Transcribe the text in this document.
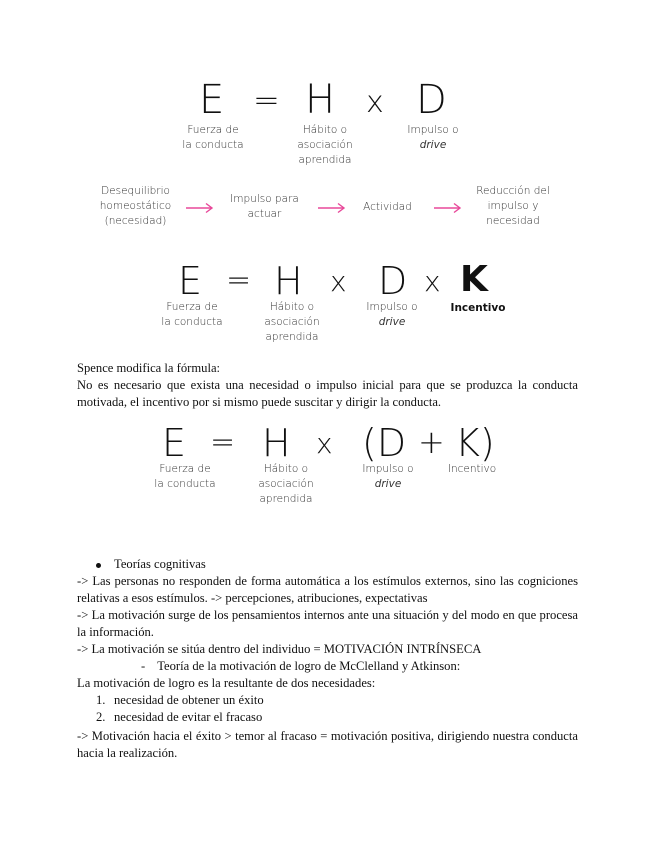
E = H x D
Fuerza de
la conducta
Hábito o
asociación
aprendida
Impulso o
drive
Desequilibrio
homeostático
(necesidad)
Impulso para
actuar
Actividad
Reducción del
impulso y
necesidad
E = H x D x K
Fuerza de
la conducta
Hábito o
asociación
aprendida
Impulso o
drive
Incentivo
Spence modifica la fórmula:
No es necesario que exista una necesidad o impulso inicial para que se produzca la conducta motivada, el incentivo por si mismo puede suscitar y dirigir la conducta.
E = H x (D + K)
Fuerza de
la conducta
Hábito o
asociación
aprendida
Impulso o
drive
Incentivo
Teorías cognitivas
-> Las personas no responden de forma automática a los estímulos externos, sino las cogniciones relativas a esos estímulos. -> percepciones, atribuciones, expectativas
-> La motivación surge de los pensamientos internos ante una situación y del modo en que procesa la información.
-> La motivación se sitúa dentro del individuo = MOTIVACIÓN INTRÍNSECA
- Teoría de la motivación de logro de McClelland y Atkinson:
La motivación de logro es la resultante de dos necesidades:
1. necesidad de obtener un éxito
2. necesidad de evitar el fracaso
-> Motivación hacia el éxito > temor al fracaso = motivación positiva, dirigiendo nuestra conducta hacia la realización.
